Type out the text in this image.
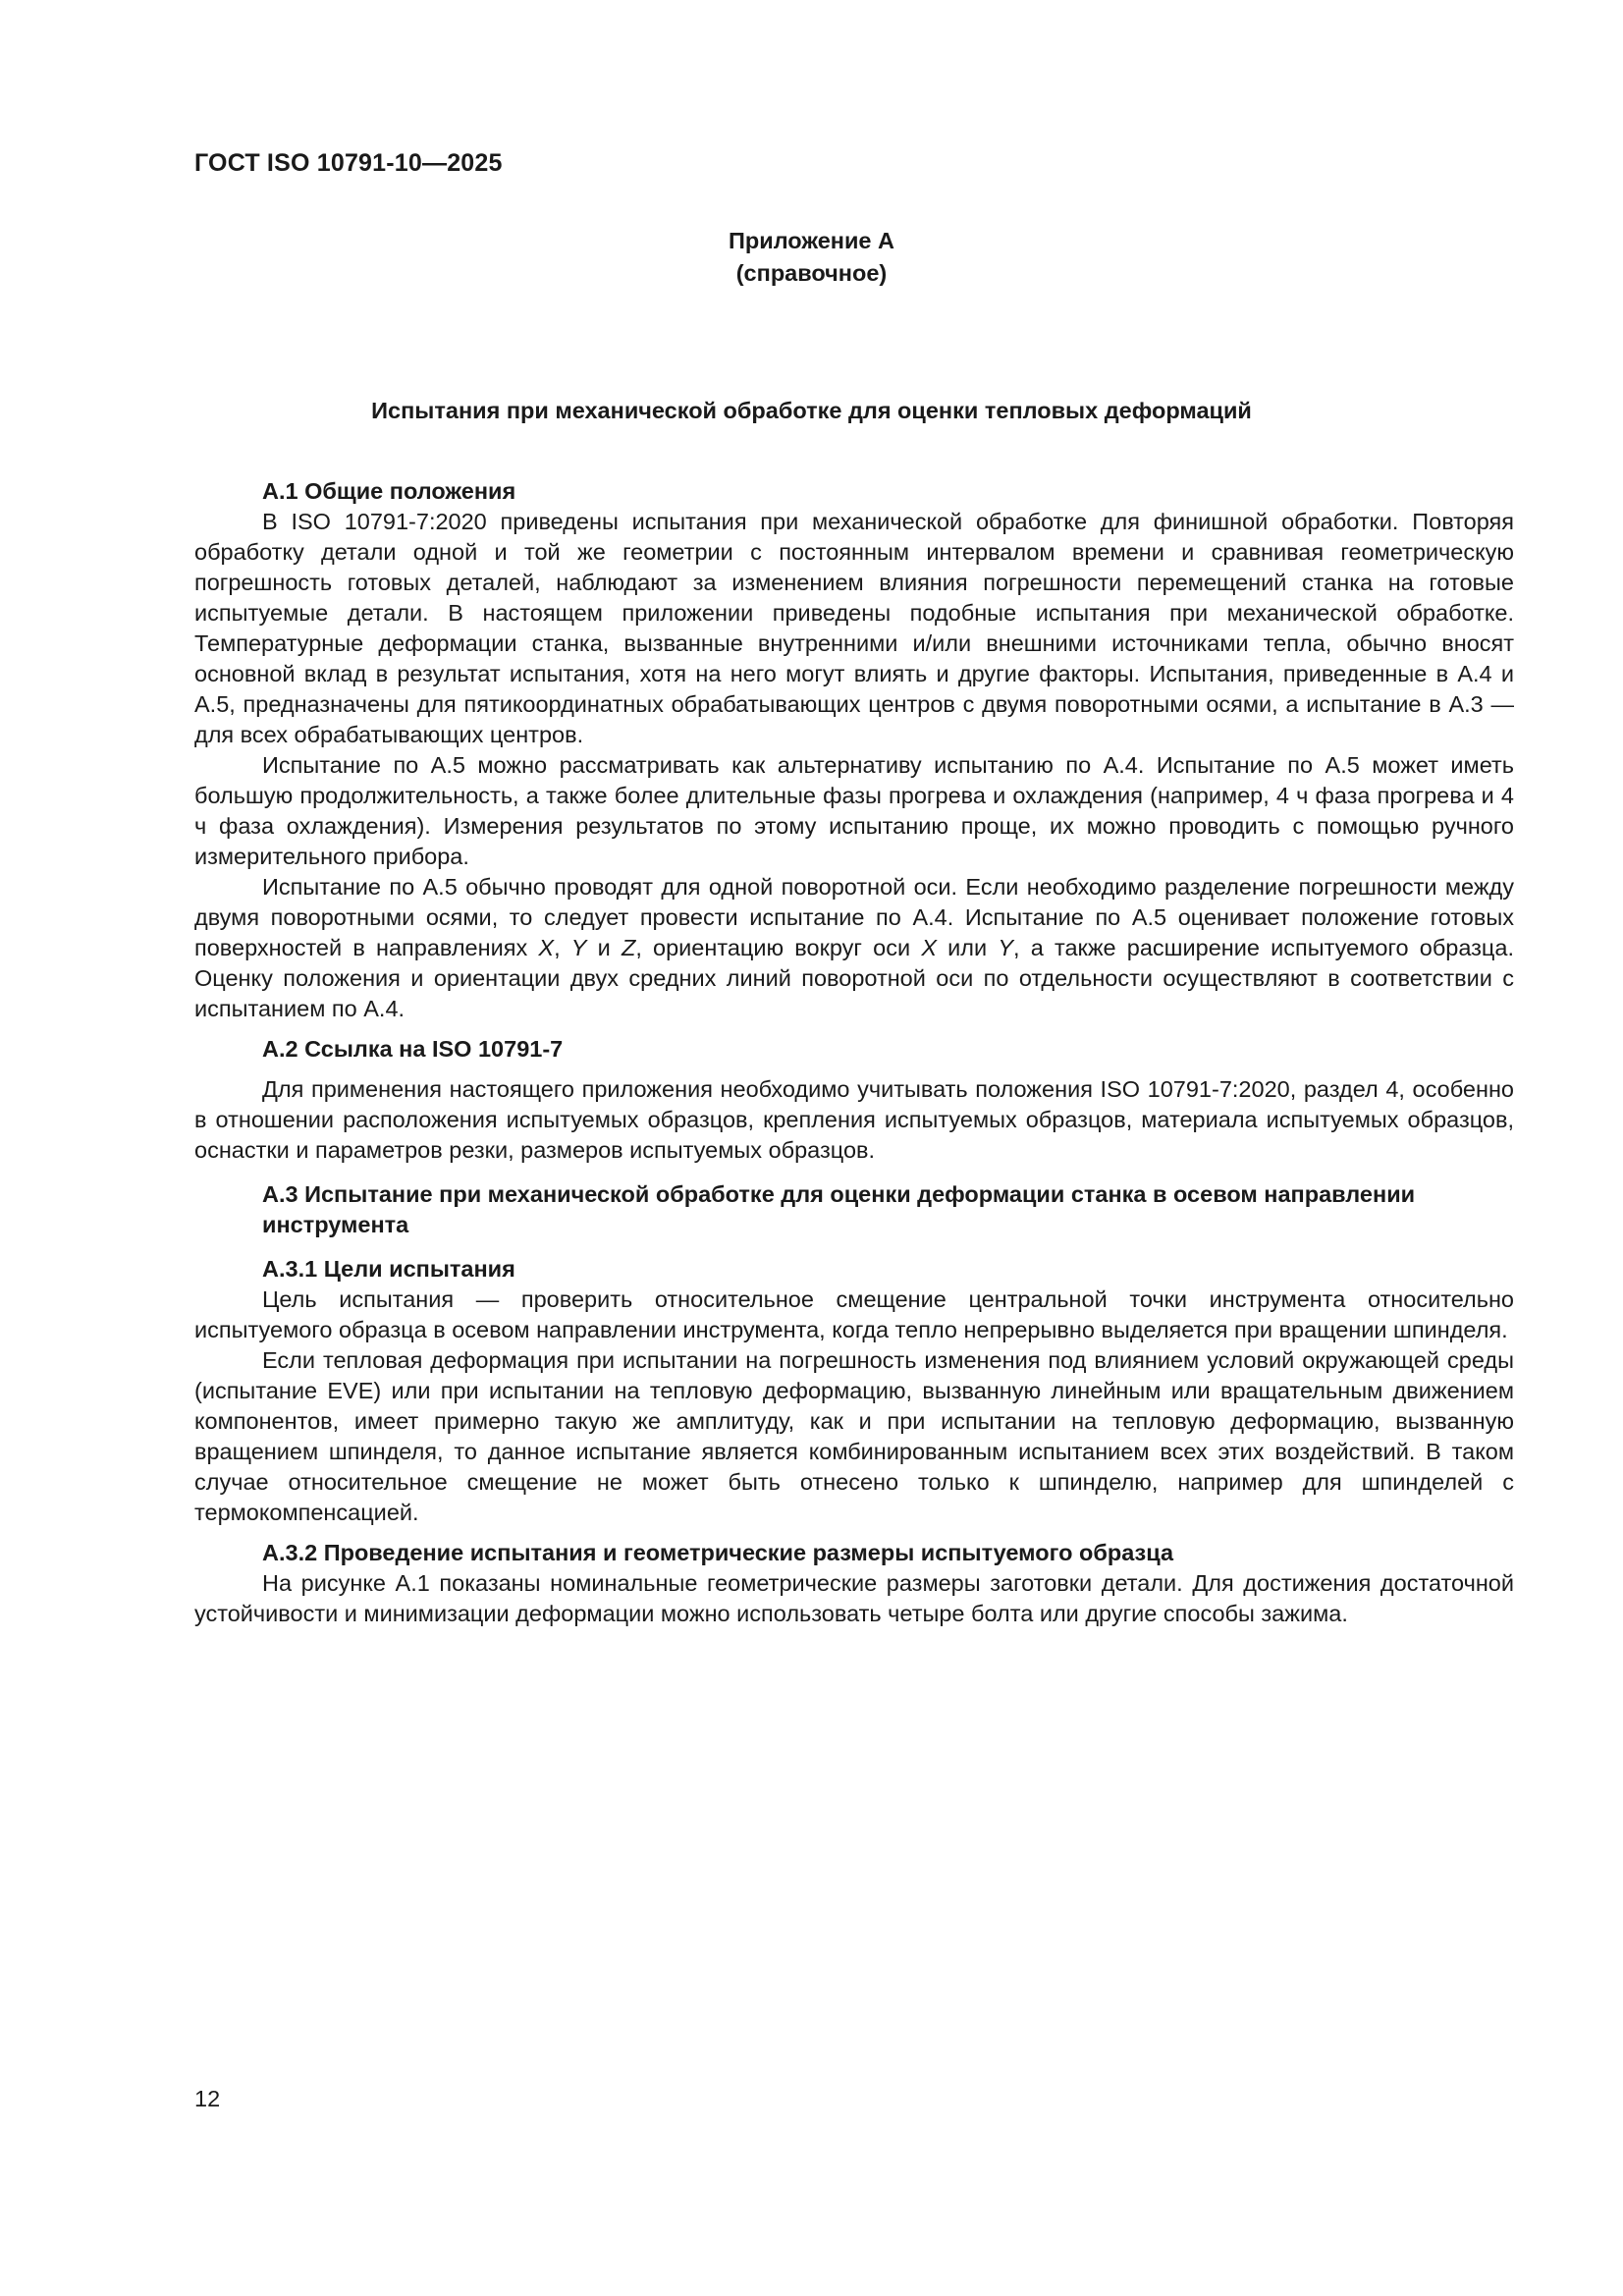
ГОСТ ISO 10791-10—2025
Приложение А
(справочное)
Испытания при механической обработке для оценки тепловых деформаций
А.1 Общие положения

В ISO 10791-7:2020 приведены испытания при механической обработке для финишной обработки. Повторяя обработку детали одной и той же геометрии с постоянным интервалом времени и сравнивая геометрическую погрешность готовых деталей, наблюдают за изменением влияния погрешности перемещений станка на готовые испытуемые детали. В настоящем приложении приведены подобные испытания при механической обработке. Температурные деформации станка, вызванные внутренними и/или внешними источниками тепла, обычно вносят основной вклад в результат испытания, хотя на него могут влиять и другие факторы. Испытания, приведенные в А.4 и А.5, предназначены для пятикоординатных обрабатывающих центров с двумя поворотными осями, а испытание в А.3 — для всех обрабатывающих центров.

Испытание по А.5 можно рассматривать как альтернативу испытанию по А.4. Испытание по А.5 может иметь большую продолжительность, а также более длительные фазы прогрева и охлаждения (например, 4 ч фаза прогрева и 4 ч фаза охлаждения). Измерения результатов по этому испытанию проще, их можно проводить с помощью ручного измерительного прибора.

Испытание по А.5 обычно проводят для одной поворотной оси. Если необходимо разделение погрешности между двумя поворотными осями, то следует провести испытание по А.4. Испытание по А.5 оценивает положение готовых поверхностей в направлениях X, Y и Z, ориентацию вокруг оси X или Y, а также расширение испытуемого образца. Оценку положения и ориентации двух средних линий поворотной оси по отдельности осуществляют в соответствии с испытанием по А.4.

А.2 Ссылка на ISO 10791-7

Для применения настоящего приложения необходимо учитывать положения ISO 10791-7:2020, раздел 4, особенно в отношении расположения испытуемых образцов, крепления испытуемых образцов, материала испытуемых образцов, оснастки и параметров резки, размеров испытуемых образцов.

А.3 Испытание при механической обработке для оценки деформации станка в осевом направлении инструмента
А.3.1 Цели испытания

Цель испытания — проверить относительное смещение центральной точки инструмента относительно испытуемого образца в осевом направлении инструмента, когда тепло непрерывно выделяется при вращении шпинделя.

Если тепловая деформация при испытании на погрешность изменения под влиянием условий окружающей среды (испытание EVE) или при испытании на тепловую деформацию, вызванную линейным или вращательным движением компонентов, имеет примерно такую же амплитуду, как и при испытании на тепловую деформацию, вызванную вращением шпинделя, то данное испытание является комбинированным испытанием всех этих воздействий. В таком случае относительное смещение не может быть отнесено только к шпинделю, например для шпинделей с термокомпенсацией.

А.3.2 Проведение испытания и геометрические размеры испытуемого образца

На рисунке А.1 показаны номинальные геометрические размеры заготовки детали. Для достижения достаточной устойчивости и минимизации деформации можно использовать четыре болта или другие способы зажима.

12
